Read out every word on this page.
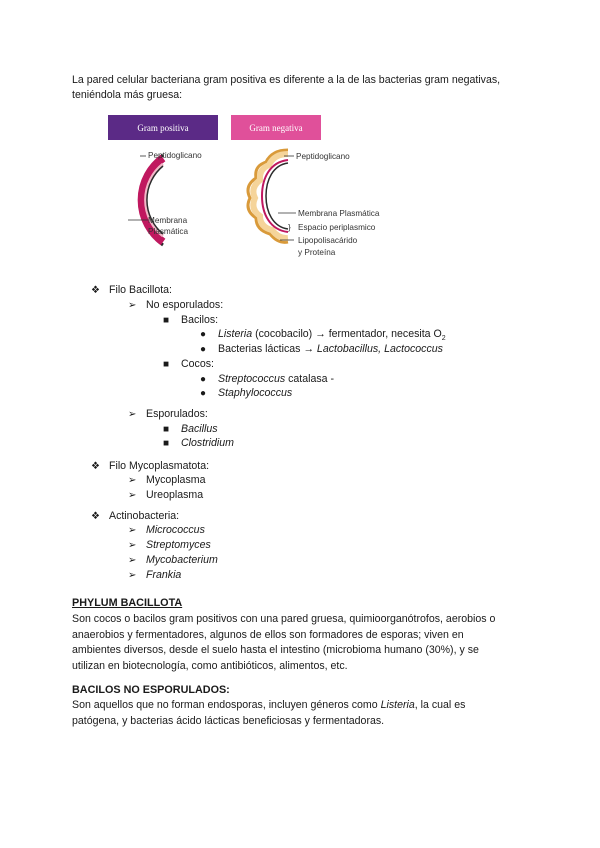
La pared celular bacteriana gram positiva es diferente a la de las bacterias gram negativas,
teniéndola más gruesa:
Gram positiva	Gram negativa
Peptidoglicano
Membrana
Plasmática
Peptidoglicano
Membrana Plasmática
} Espacio periplasmico
Lipopolisacárido
y Proteína
❖ Filo Bacillota:
➢ No esporulados:
■ Bacilos:
● Listeria (cocobacilo) → fermentador, necesita $O_2$
● Bacterias lácticas → Lactobacillus, Lactococcus
■ Cocos:
● Streptococcus catalasa -
● Staphylococcus
➢ Esporulados:
■ Bacillus
■ Clostridium
❖ Filo Mycoplasmatota:
➢ Mycoplasma
➢ Ureoplasma
❖ Actinobacteria:
➢ Micrococcus
➢ Streptomyces
➢ Mycobacterium
➢ Frankia
PHYLUM BACILLOTA
Son cocos o bacilos gram positivos con una pared gruesa, quimioorganótrofos, aerobios o
anaerobios y fermentadores, algunos de ellos son formadores de esporas; viven en
ambientes diversos, desde el suelo hasta el intestino (microbioma humano (30%), y se
utilizan en biotecnología, como antibióticos, alimentos, etc.
BACILOS NO ESPORULADOS:
Son aquellos que no forman endosporas, incluyen géneros como Listeria, la cual es
patógena, y bacterias ácido lácticas beneficiosas y fermentadoras.
